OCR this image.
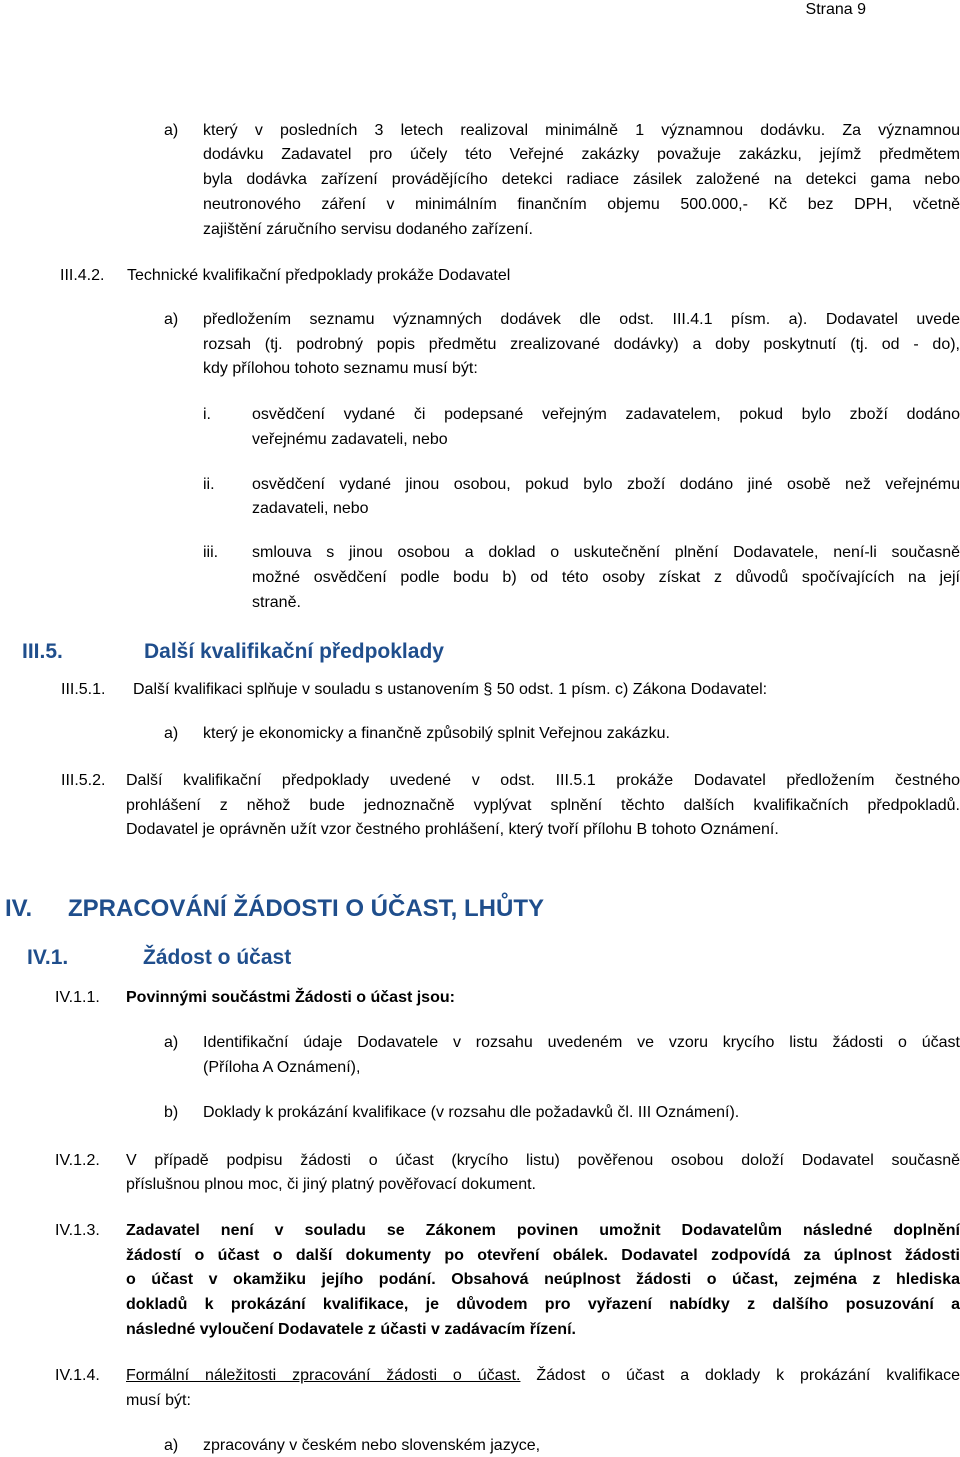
Strana 9
a) který v posledních 3 letech realizoval minimálně 1 významnou dodávku. Za významnou
dodávku Zadavatel pro účely této Veřejné zakázky považuje zakázku, jejímž předmětem
byla dodávka zařízení provádějícího detekci radiace zásilek založené na detekci gama nebo
neutronového záření v minimálním finančním objemu 500.000,- Kč bez DPH, včetně
zajištění záručního servisu dodaného zařízení.
III.4.2. Technické kvalifikační předpoklady prokáže Dodavatel
a) předložením seznamu významných dodávek dle odst. III.4.1 písm. a). Dodavatel uvede
rozsah (tj. podrobný popis předmětu zrealizované dodávky) a doby poskytnutí (tj. od - do),
kdy přílohou tohoto seznamu musí být:
i.	osvědčení vydané či podepsané veřejným zadavatelem, pokud bylo zboží dodáno
veřejnému zadavateli, nebo
ii. osvědčení vydané jinou osobou, pokud bylo zboží dodáno jiné osobě než veřejnému
zadavateli, nebo
iii. smlouva s jinou osobou a doklad o uskutečnění plnění Dodavatele, není-li současně
možné osvědčení podle bodu b) od této osoby získat z důvodů spočívajících na její
straně.
III.5.	Další kvalifikační předpoklady
III.5.1. Další kvalifikaci splňuje v souladu s ustanovením § 50 odst. 1 písm. c) Zákona Dodavatel:
a) který je ekonomicky a finančně způsobilý splnit Veřejnou zakázku.
III.5.2. Další kvalifikační předpoklady uvedené v odst. III.5.1 prokáže Dodavatel předložením čestného
prohlášení z něhož bude jednoznačně vyplývat splnění těchto dalších kvalifikačních předpokladů.
Dodavatel je oprávněn užít vzor čestného prohlášení, který tvoří přílohu B tohoto Oznámení.
IV. ZPRACOVÁNÍ ŽÁDOSTI O ÚČAST, LHŮTY
IV.1.	Žádost o účast
IV.1.1. Povinnými součástmi Žádosti o účast jsou:
a) Identifikační údaje Dodavatele v rozsahu uvedeném ve vzoru krycího listu žádosti o účast
(Příloha A Oznámení),
b) Doklady k prokázání kvalifikace (v rozsahu dle požadavků čl. III Oznámení).
IV.1.2. V případě podpisu žádosti o účast (krycího listu) pověřenou osobou doloží Dodavatel současně
příslušnou plnou moc, či jiný platný pověřovací dokument.
IV.1.3. Zadavatel není v souladu se Zákonem povinen umožnit Dodavatelům následné doplnění
žádostí o účast o další dokumenty po otevření obálek. Dodavatel zodpovídá za úplnost žádosti
o účast v okamžiku jejího podání. Obsahová neúplnost žádosti o účast, zejména z hlediska
dokladů k prokázání kvalifikace, je důvodem pro vyřazení nabídky z dalšího posuzování a
následné vyloučení Dodavatele z účasti v zadávacím řízení.
IV.1.4. Formální náležitosti zpracování žádosti o účast. Žádost o účast a doklady k prokázání kvalifikace
musí být:
a) zpracovány v českém nebo slovenském jazyce,
